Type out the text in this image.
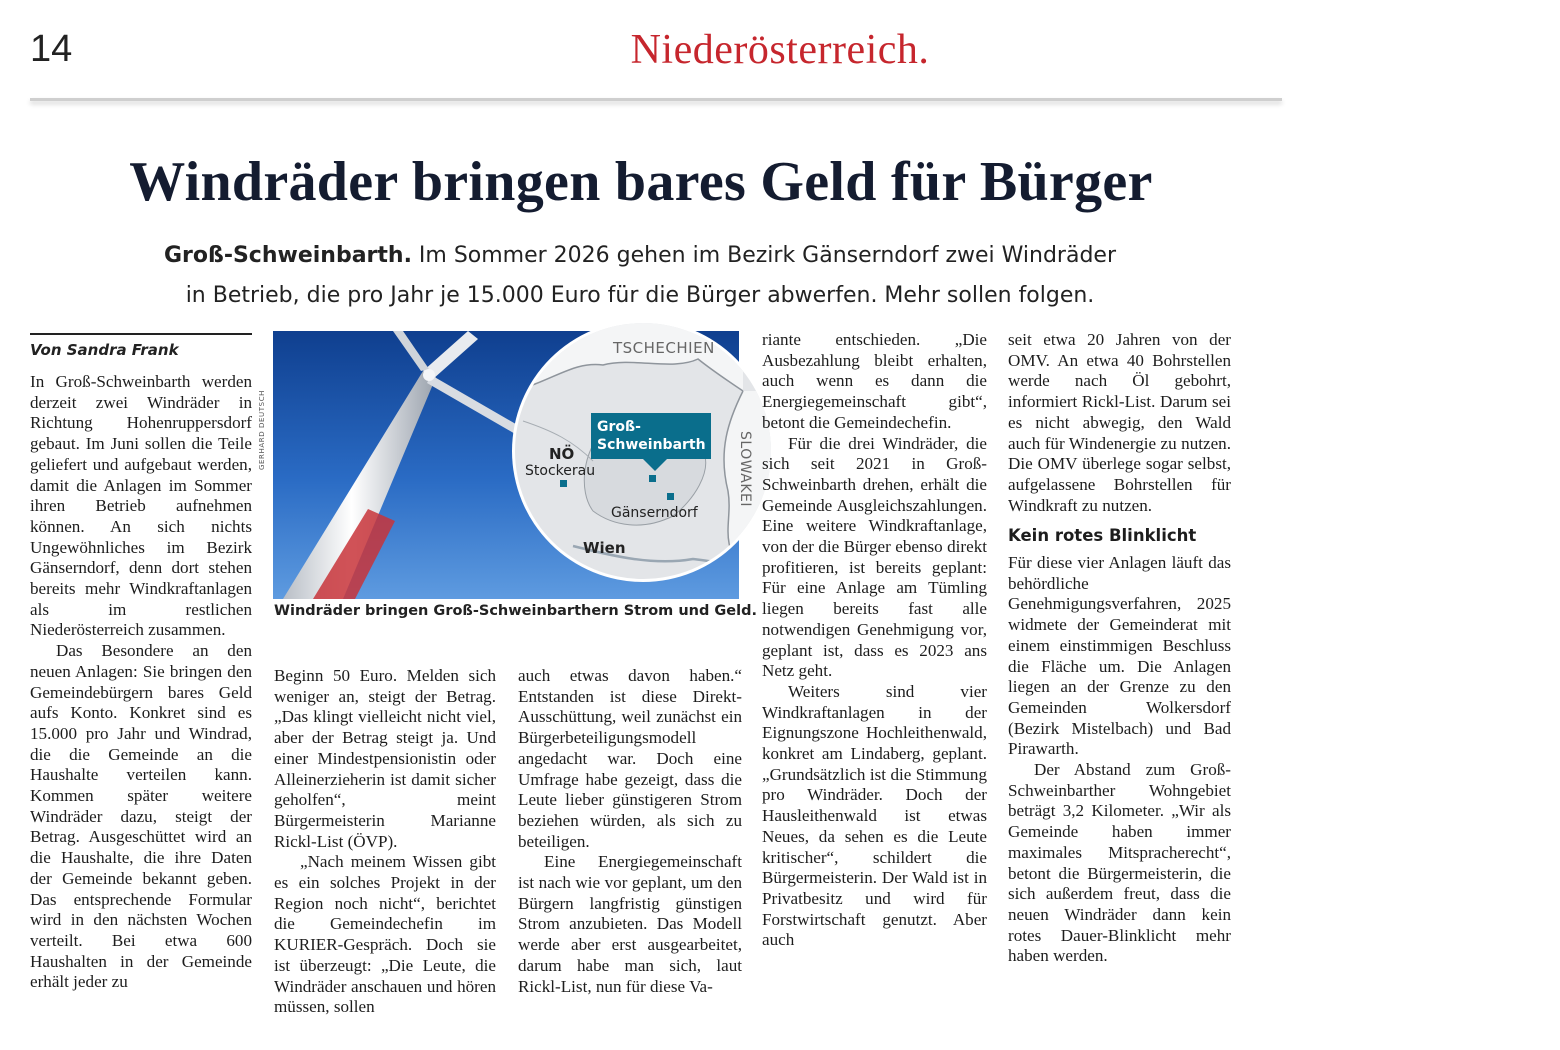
14	Niederösterreich.
Windräder bringen bares Geld für Bürger
Groß-Schweinbarth. Im Sommer 2026 gehen im Bezirk Gänserndorf zwei Windräder
in Betrieb, die pro Jahr je 15.000 Euro für die Bürger abwerfen. Mehr sollen folgen.
Von Sandra Frank

In Groß-Schweinbarth werden derzeit zwei Windräder in Richtung Hohenruppersdorf gebaut. Im Juni sollen die Teile geliefert und aufgebaut werden, damit die Anlagen im Sommer ihren Betrieb aufnehmen können. An sich nichts Ungewöhnliches im Bezirk Gänserndorf, denn dort stehen bereits mehr Windkraftanlagen als im restlichen Niederösterreich zusammen.

Das Besondere an den neuen Anlagen: Sie bringen den Gemeindebürgern bares Geld aufs Konto. Konkret sind es 15.000 pro Jahr und Windrad, die die Gemeinde an die Haushalte verteilen kann. Kommen später weitere Windräder dazu, steigt der Betrag. Ausgeschüttet wird an die Haushalte, die ihre Daten der Gemeinde bekannt geben. Das entsprechende Formular wird in den nächsten Wochen verteilt. Bei etwa 600 Haushalten in der Gemeinde erhält jeder zu

GERHARD DEUTSCH
TSCHECHIEN
SLOWAKEI
NÖ
Groß-
Schweinbarth
Stockerau
Gänserndorf
Wien
Windräder bringen Groß-Schweinbarthern Strom und Geld.

Beginn 50 Euro. Melden sich weniger an, steigt der Betrag. „Das klingt vielleicht nicht viel, aber der Betrag steigt ja. Und einer Mindestpensionistin oder Alleinerzieherin ist damit sicher geholfen“, meint Bürgermeisterin Marianne Rickl-List (ÖVP).

„Nach meinem Wissen gibt es ein solches Projekt in der Region noch nicht“, berichtet die Gemeindechefin im KURIER-Gespräch. Doch sie ist überzeugt: „Die Leute, die Windräder anschauen und hören müssen, sollen

auch etwas davon haben.“ Entstanden ist diese Direkt-Ausschüttung, weil zunächst ein Bürgerbeteiligungsmodell angedacht war. Doch eine Umfrage habe gezeigt, dass die Leute lieber günstigeren Strom beziehen würden, als sich zu beteiligen.

Eine Energiegemeinschaft ist nach wie vor geplant, um den Bürgern langfristig günstigen Strom anzubieten. Das Modell werde aber erst ausgearbeitet, darum habe man sich, laut Rickl-List, nun für diese Va-

riante entschieden. „Die Ausbezahlung bleibt erhalten, auch wenn es dann die Energiegemeinschaft gibt“, betont die Gemeindechefin.

Für die drei Windräder, die sich seit 2021 in Groß-Schweinbarth drehen, erhält die Gemeinde Ausgleichszahlungen. Eine weitere Windkraftanlage, von der die Bürger ebenso direkt profitieren, ist bereits geplant: Für eine Anlage am Tümling liegen bereits fast alle notwendigen Genehmigung vor, geplant ist, dass es 2023 ans Netz geht.

Weiters sind vier Windkraftanlagen in der Eignungszone Hochleithenwald, konkret am Lindaberg, geplant. „Grundsätzlich ist die Stimmung pro Windräder. Doch der Hausleithenwald ist etwas Neues, da sehen es die Leute kritischer“, schildert die Bürgermeisterin. Der Wald ist in Privatbesitz und wird für Forstwirtschaft genutzt. Aber auch

seit etwa 20 Jahren von der OMV. An etwa 40 Bohrstellen werde nach Öl gebohrt, informiert Rickl-List. Darum sei es nicht abwegig, den Wald auch für Windenergie zu nutzen. Die OMV überlege sogar selbst, aufgelassene Bohrstellen für Windkraft zu nutzen.

Kein rotes Blinklicht

Für diese vier Anlagen läuft das behördliche Genehmigungsverfahren, 2025 widmete der Gemeinderat mit einem einstimmigen Beschluss die Fläche um. Die Anlagen liegen an der Grenze zu den Gemeinden Wolkersdorf (Bezirk Mistelbach) und Bad Pirawarth.

Der Abstand zum Groß-Schweinbarther Wohngebiet beträgt 3,2 Kilometer. „Wir als Gemeinde haben immer maximales Mitspracherecht“, betont die Bürgermeisterin, die sich außerdem freut, dass die neuen Windräder dann kein rotes Dauer-Blinklicht mehr haben werden.
